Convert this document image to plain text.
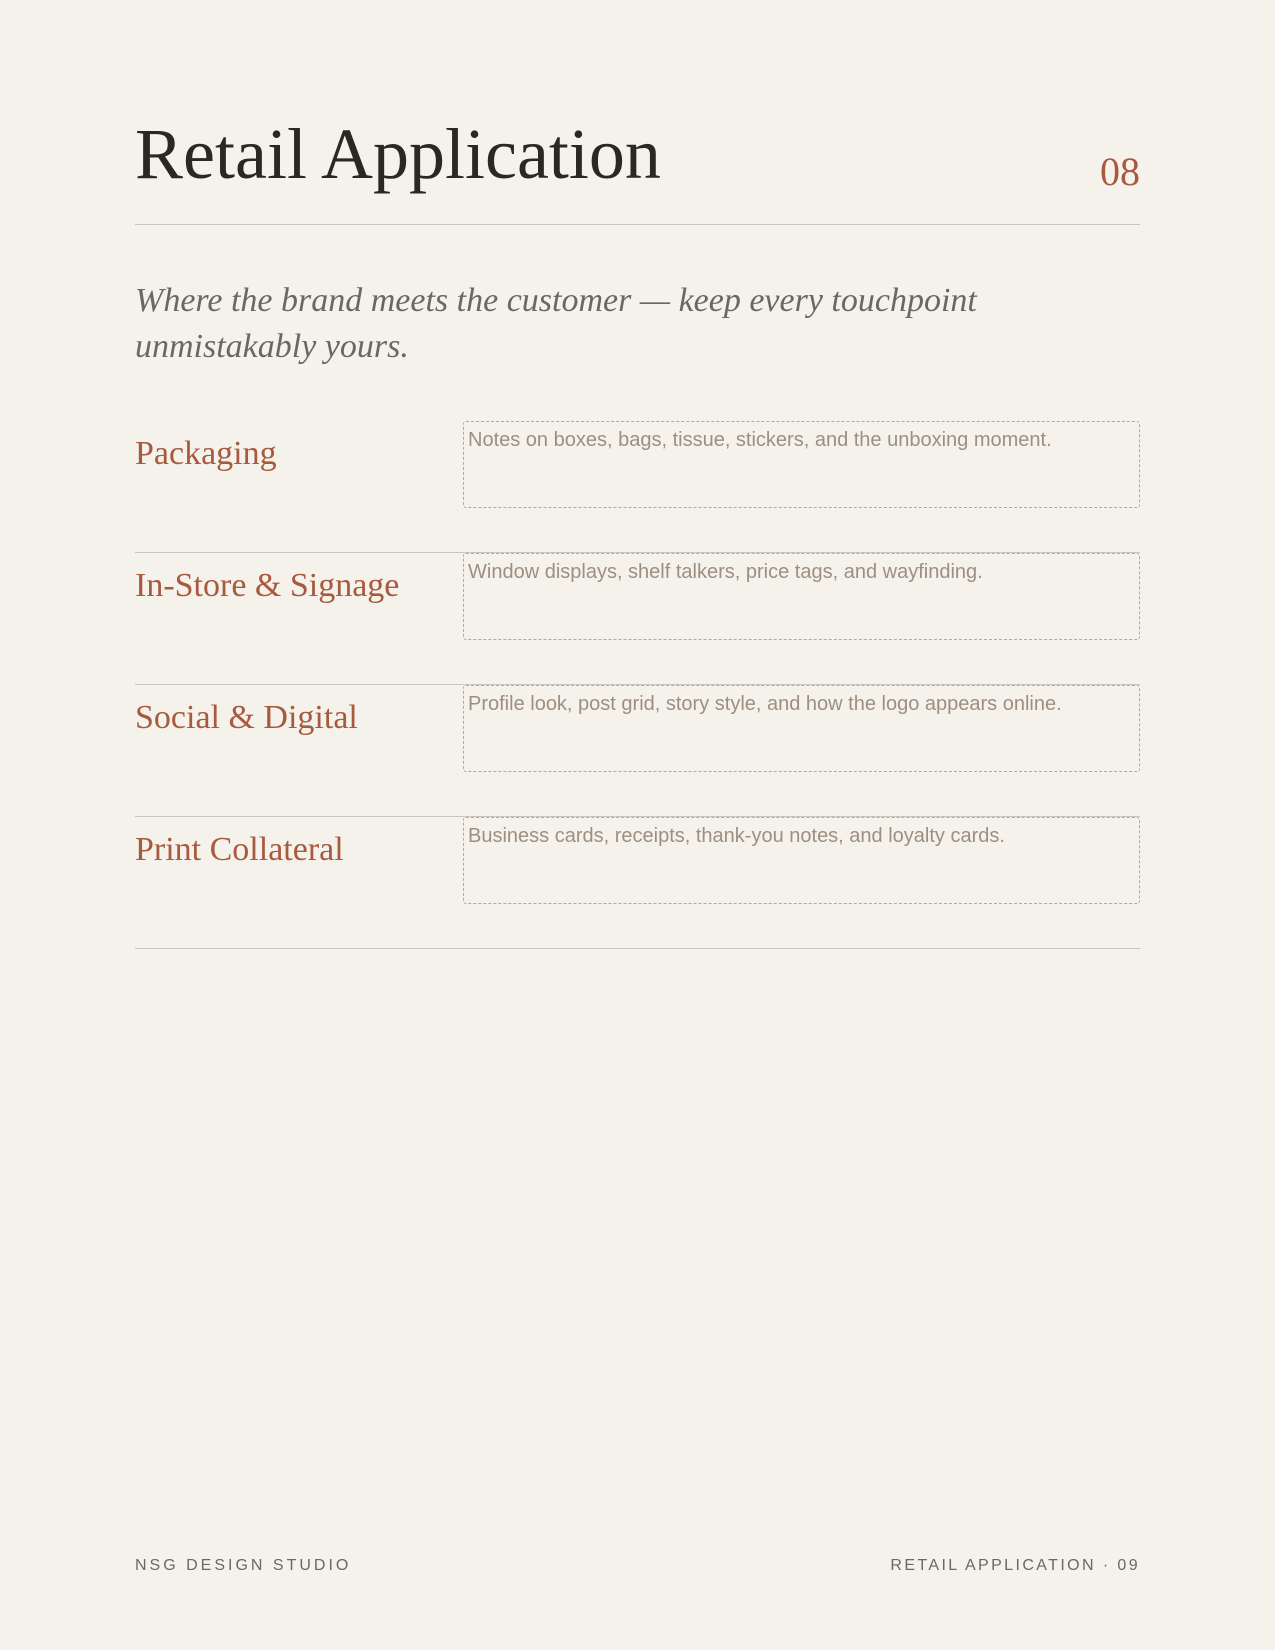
Retail Application	08

Where the brand meets the customer — keep every touchpoint unmistakably yours.

Packaging	Notes on boxes, bags, tissue, stickers, and the unboxing moment.
In-Store & Signage	Window displays, shelf talkers, price tags, and wayfinding.
Social & Digital	Profile look, post grid, story style, and how the logo appears online.
Print Collateral	Business cards, receipts, thank-you notes, and loyalty cards.
NSG DESIGN STUDIO	RETAIL APPLICATION · 09
